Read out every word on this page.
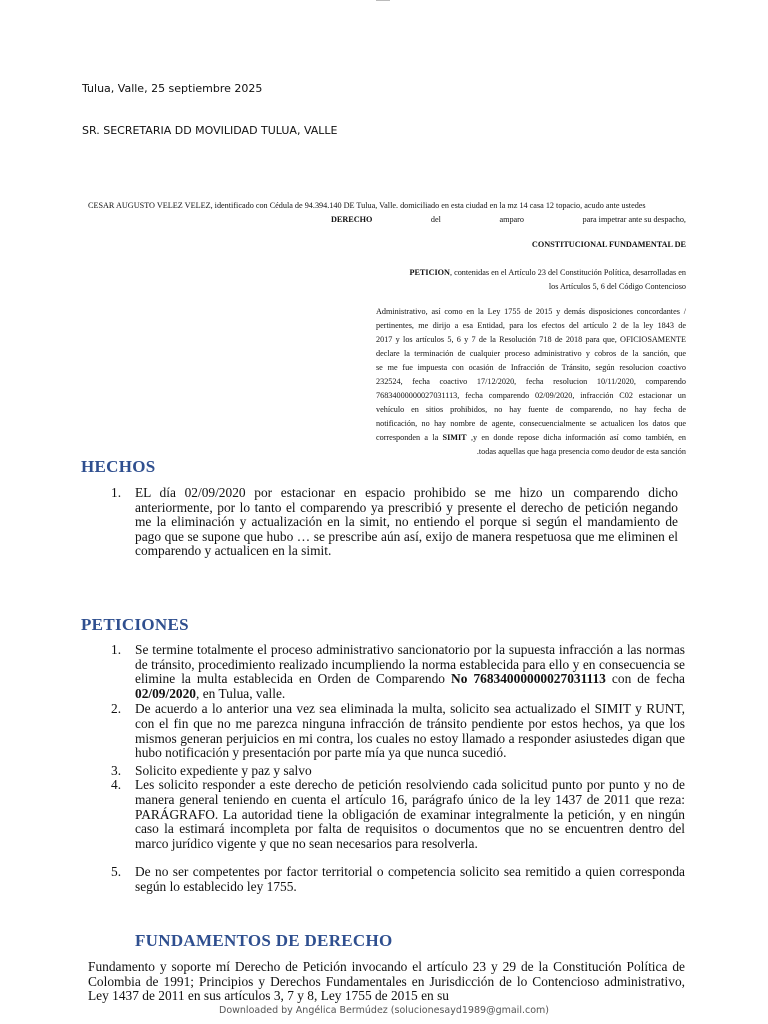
Tulua, Valle, 25 septiembre 2025
SR. SECRETARIA DD MOVILIDAD TULUA, VALLE
CESAR AUGUSTO VELEZ VELEZ, identificado con Cédula de 94.394.140 DE Tulua, Valle. domiciliado en esta ciudad en la mz 14 casa 12 topacio, acudo ante ustedes
DERECHO	del	amparo	para impetrar ante su despacho,
CONSTITUCIONAL FUNDAMENTAL DE
PETICION, contenidas en el Artículo 23 del Constitución Política, desarrolladas en
los Artículos 5, 6 del Código Contencioso
Administrativo, así como en la Ley 1755 de 2015 y demás disposiciones concordantes /
pertinentes, me dirijo a esa Entidad, para los efectos del artículo 2 de la ley 1843 de
2017 y los artículos 5, 6 y 7 de la Resolución 718 de 2018 para que, OFICIOSAMENTE
declare la terminación de cualquier proceso administrativo y cobros de la sanción, que
se me fue impuesta con ocasión de Infracción de Tránsito, según resolucion coactivo
232524, fecha coactivo 17/12/2020, fecha resolucion 10/11/2020, comparendo
76834000000027031113, fecha comparendo 02/09/2020, infracción C02 estacionar un
vehículo en sitios prohibidos, no hay fuente de comparendo, no hay fecha de
notificación, no hay nombre de agente, consecuencialmente se actualicen los datos que
corresponden a la SIMIT ,y en donde repose dicha información así como también, en
.todas aquellas que haga presencia como deudor de esta sanción
HECHOS
1. EL día 02/09/2020 por estacionar en espacio prohibido se me hizo un comparendo dicho anteriormente, por lo tanto el comparendo ya prescribió y presente el derecho de petición negando me la eliminación y actualización en la simit, no entiendo el porque si según el mandamiento de pago que se supone que hubo … se prescribe aún así, exijo de manera respetuosa que me eliminen el comparendo y actualicen en la simit.
PETICIONES
1. Se termine totalmente el proceso administrativo sancionatorio por la supuesta infracción a las normas de tránsito, procedimiento realizado incumpliendo la norma establecida para ello y en consecuencia se elimine la multa establecida en Orden de Comparendo No 76834000000027031113 con de fecha 02/09/2020, en Tulua, valle.
2. De acuerdo a lo anterior una vez sea eliminada la multa, solicito sea actualizado el SIMIT y RUNT, con el fin que no me parezca ninguna infracción de tránsito pendiente por estos hechos, ya que los mismos generan perjuicios en mi contra, los cuales no estoy llamado a responder asiustedes digan que hubo notificación y presentación por parte mía ya que nunca sucedió.
3. Solicito expediente y paz y salvo
4. Les solicito responder a este derecho de petición resolviendo cada solicitud punto por punto y no de manera general teniendo en cuenta el artículo 16, parágrafo único de la ley 1437 de 2011 que reza: PARÁGRAFO. La autoridad tiene la obligación de examinar integralmente la petición, y en ningún caso la estimará incompleta por falta de requisitos o documentos que no se encuentren dentro del marco jurídico vigente y que no sean necesarios para resolverla.
5. De no ser competentes por factor territorial o competencia solicito sea remitido a quien corresponda según lo establecido ley 1755.
FUNDAMENTOS DE DERECHO
Fundamento y soporte mí Derecho de Petición invocando el artículo 23 y 29 de la Constitución Política de Colombia de 1991; Principios y Derechos Fundamentales en Jurisdicción de lo Contencioso administrativo, Ley 1437 de 2011 en sus artículos 3, 7 y 8, Ley 1755 de 2015 en su
Downloaded by Angélica Bermúdez (solucionesayd1989@gmail.com)
